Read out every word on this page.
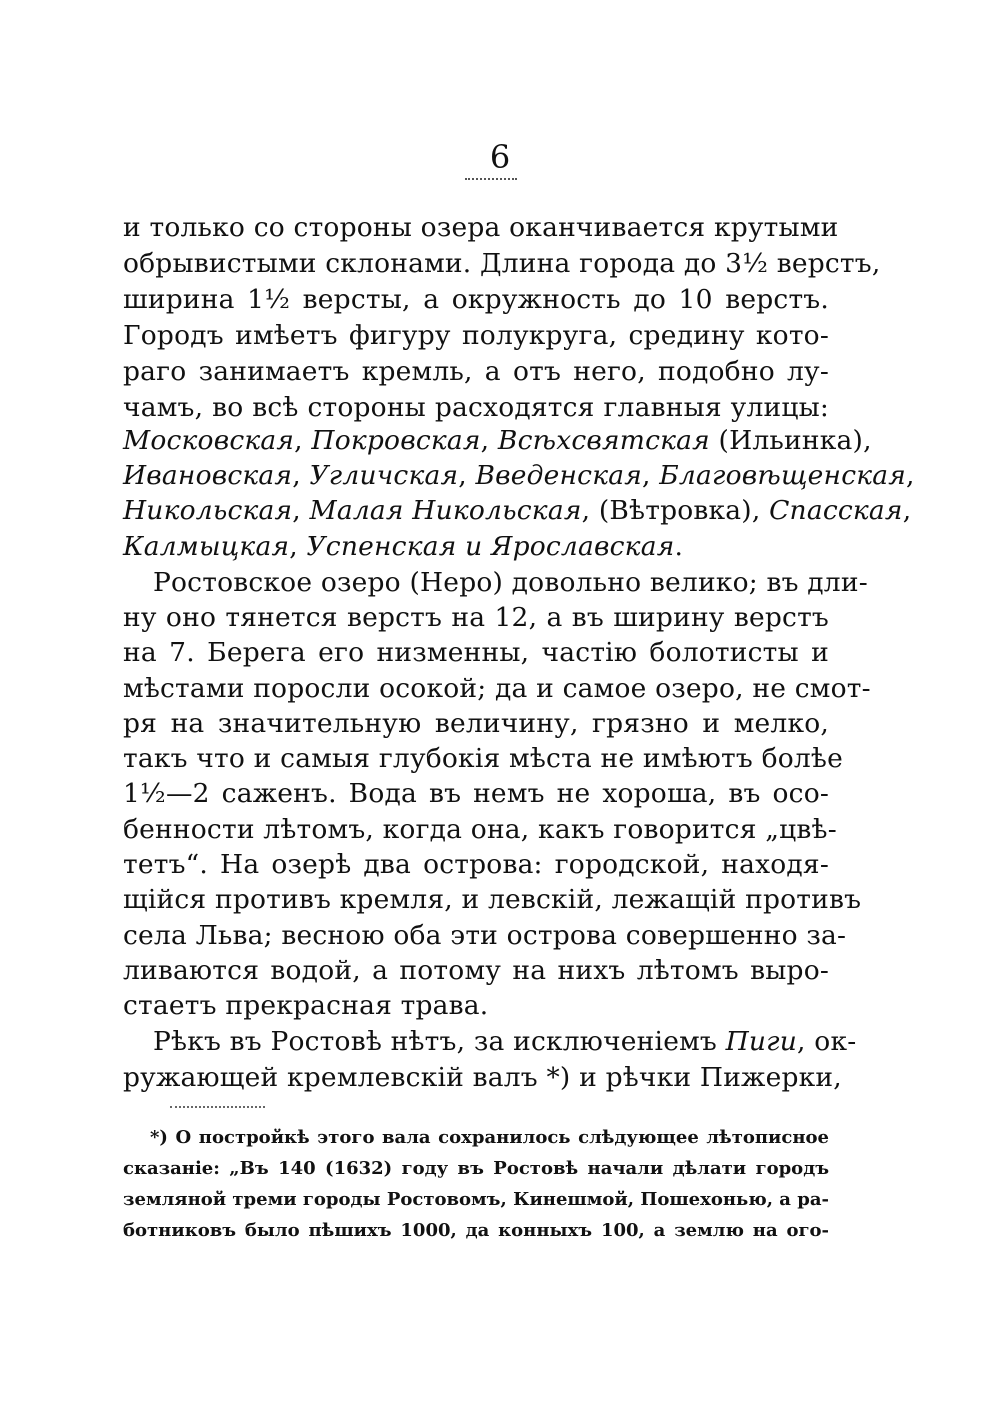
6
и только со стороны озера оканчивается крутыми
обрывистыми склонами. Длина города до 3½ верстъ,
ширина 1½ версты, а окружность до 10 верстъ.
Городъ имѣетъ фигуру полукруга, средину кото-
раго занимаетъ кремль, а отъ него, подобно лу-
чамъ, во всѣ стороны расходятся главныя улицы:
Московская, Покровская, Всѣхсвятская (Ильинка),
Ивановская, Угличская, Введенская, Благовѣщенская,
Никольская, Малая Никольская, (Вѣтровка), Спасская,
Калмыцкая, Успенская и Ярославская.
Ростовское озеро (Неро) довольно велико; въ дли-
ну оно тянется верстъ на 12, а въ ширину верстъ
на 7. Берега его низменны, частію болотисты и
мѣстами поросли осокой; да и самое озеро, не смот-
ря на значительную величину, грязно и мелко,
такъ что и самыя глубокія мѣста не имѣютъ болѣе
1½—2 саженъ. Вода въ немъ не хороша, въ осо-
бенности лѣтомъ, когда она, какъ говорится „цвѣ-
тетъ“. На озерѣ два острова: городской, находя-
щійся противъ кремля, и левскій, лежащій противъ
села Льва; весною оба эти острова совершенно за-
ливаются водой, а потому на нихъ лѣтомъ выро-
стаетъ прекрасная трава.
Рѣкъ въ Ростовѣ нѣтъ, за исключеніемъ Пиги, ок-
ружающей кремлевскій валъ *) и рѣчки Пижерки,
*) О постройкѣ этого вала сохранилось слѣдующее лѣтописное
сказаніе: „Въ 140 (1632) году въ Ростовѣ начали дѣлати городъ
земляной треми городы Ростовомъ, Кинешмой, Пошехонью, а ра-
ботниковъ было пѣшихъ 1000, да конныхъ 100, а землю на ого-
